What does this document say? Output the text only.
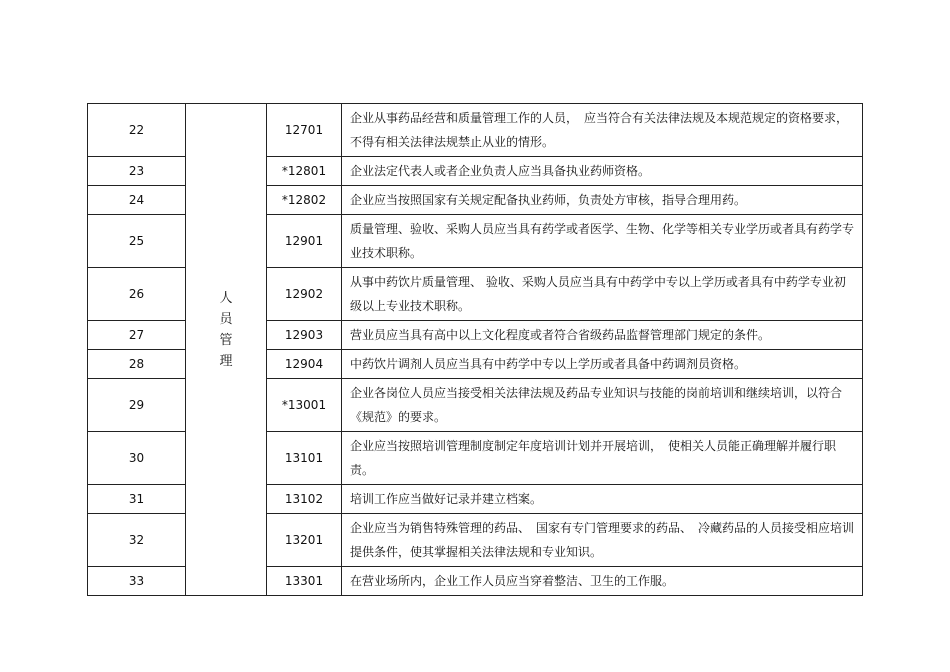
22	人员管理	12701	企业从事药品经营和质量管理工作的人员，　应当符合有关法律法规及本规范规定的资格要求，不得有相关法律法规禁止从业的情形。
23		*12801	企业法定代表人或者企业负责人应当具备执业药师资格。
24		*12802	企业应当按照国家有关规定配备执业药师，负责处方审核，指导合理用药。
25		12901	质量管理、验收、采购人员应当具有药学或者医学、生物、化学等相关专业学历或者具有药学专业技术职称。
26		12902	从事中药饮片质量管理、 验收、采购人员应当具有中药学中专以上学历或者具有中药学专业初级以上专业技术职称。
27		12903	营业员应当具有高中以上文化程度或者符合省级药品监督管理部门规定的条件。
28		12904	中药饮片调剂人员应当具有中药学中专以上学历或者具备中药调剂员资格。
29		*13001	企业各岗位人员应当接受相关法律法规及药品专业知识与技能的岗前培训和继续培训，以符合《规范》的要求。
30		13101	企业应当按照培训管理制度制定年度培训计划并开展培训，　使相关人员能正确理解并履行职责。
31		13102	培训工作应当做好记录并建立档案。
32		13201	企业应当为销售特殊管理的药品、　国家有专门管理要求的药品、　冷藏药品的人员接受相应培训提供条件，使其掌握相关法律法规和专业知识。
33		13301	在营业场所内，企业工作人员应当穿着整洁、卫生的工作服。
